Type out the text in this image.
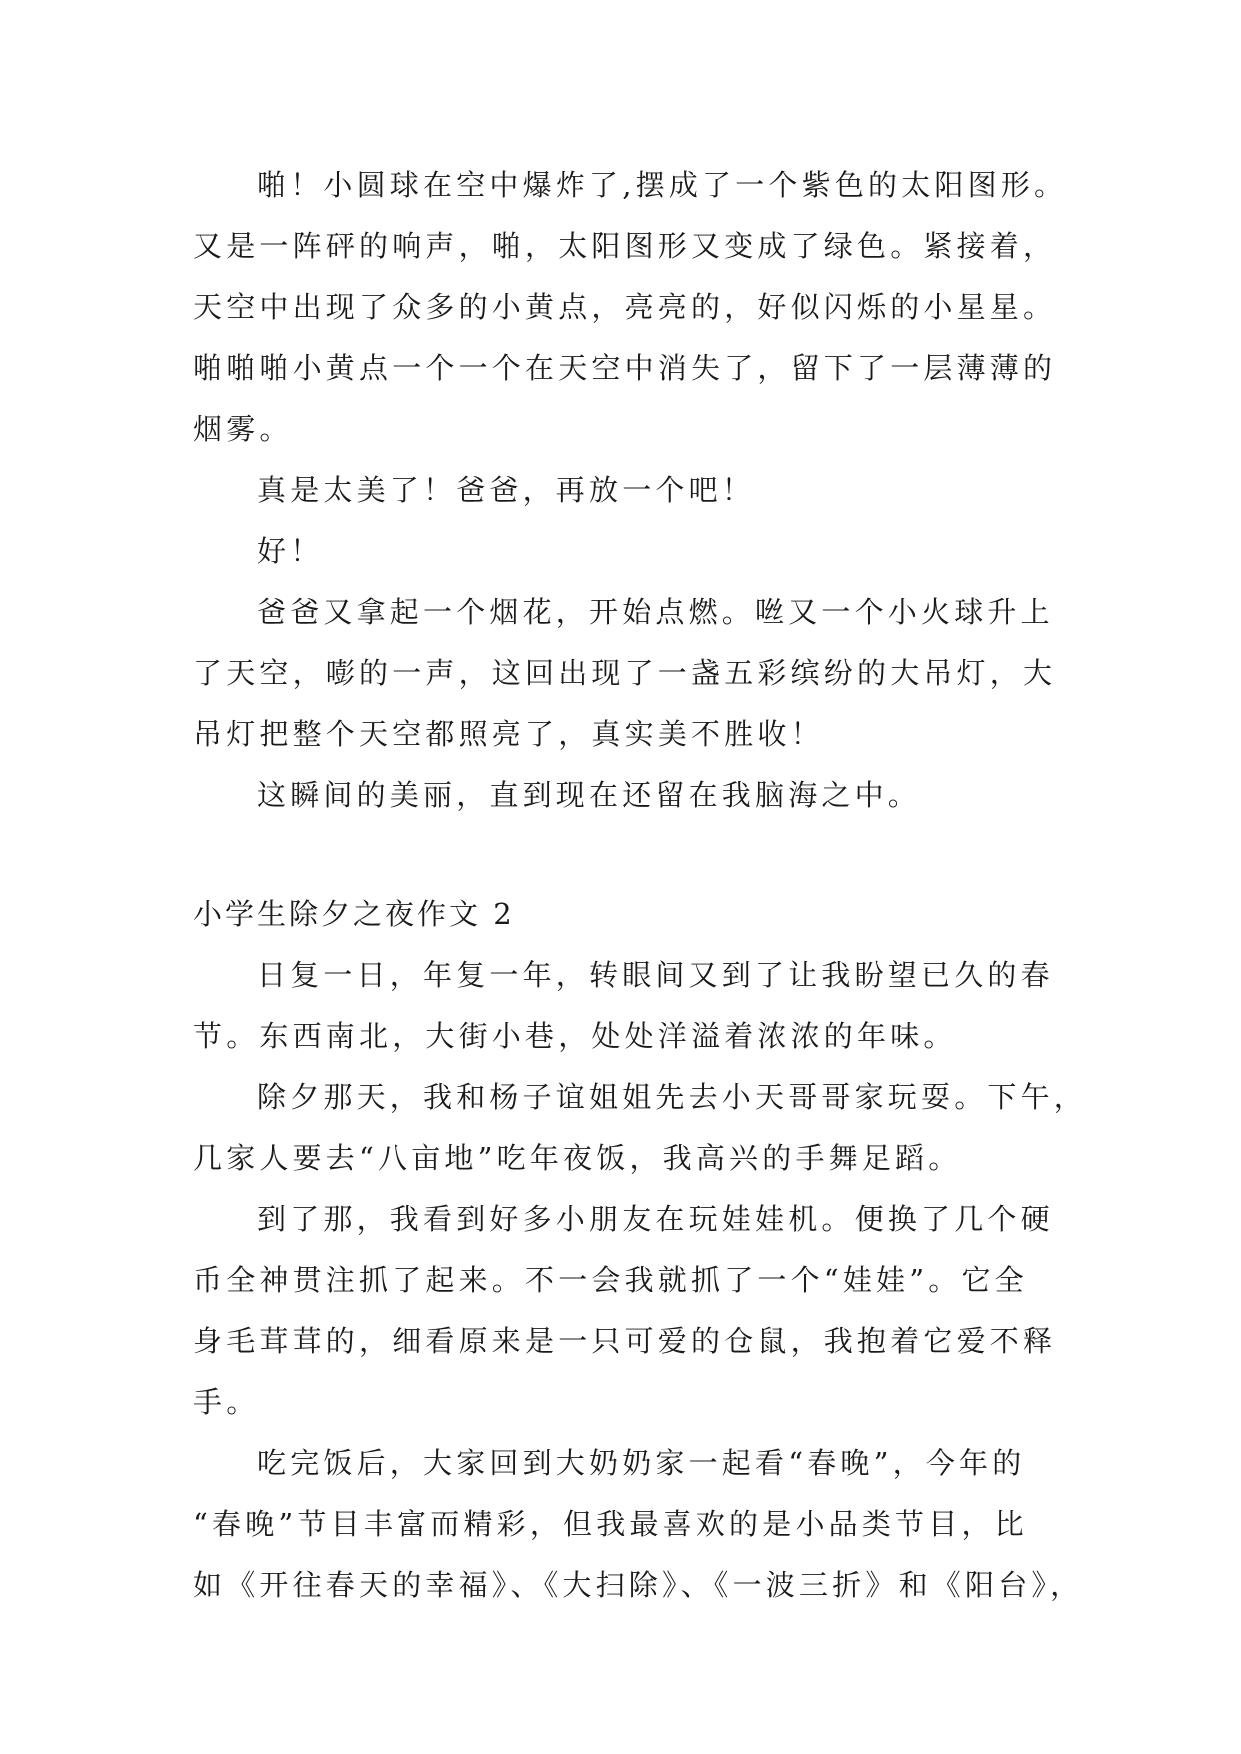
啪！小圆球在空中爆炸了,摆成了一个紫色的太阳图形。
又是一阵砰的响声，啪，太阳图形又变成了绿色。紧接着，
天空中出现了众多的小黄点，亮亮的，好似闪烁的小星星。
啪啪啪小黄点一个一个在天空中消失了，留下了一层薄薄的
烟雾。
真是太美了！爸爸，再放一个吧！
好！
爸爸又拿起一个烟花，开始点燃。咝又一个小火球升上
了天空，嘭的一声，这回出现了一盏五彩缤纷的大吊灯，大
吊灯把整个天空都照亮了，真实美不胜收！
这瞬间的美丽，直到现在还留在我脑海之中。
小学生除夕之夜作文 2
日复一日，年复一年，转眼间又到了让我盼望已久的春
节。东西南北，大街小巷，处处洋溢着浓浓的年味。
除夕那天，我和杨子谊姐姐先去小天哥哥家玩耍。下午，
几家人要去“八亩地”吃年夜饭，我高兴的手舞足蹈。
到了那，我看到好多小朋友在玩娃娃机。便换了几个硬
币全神贯注抓了起来。不一会我就抓了一个“娃娃”。它全
身毛茸茸的，细看原来是一只可爱的仓鼠，我抱着它爱不释
手。
吃完饭后，大家回到大奶奶家一起看“春晚”，今年的
“春晚”节目丰富而精彩，但我最喜欢的是小品类节目，比
如《开往春天的幸福》、《大扫除》、《一波三折》和《阳台》，
